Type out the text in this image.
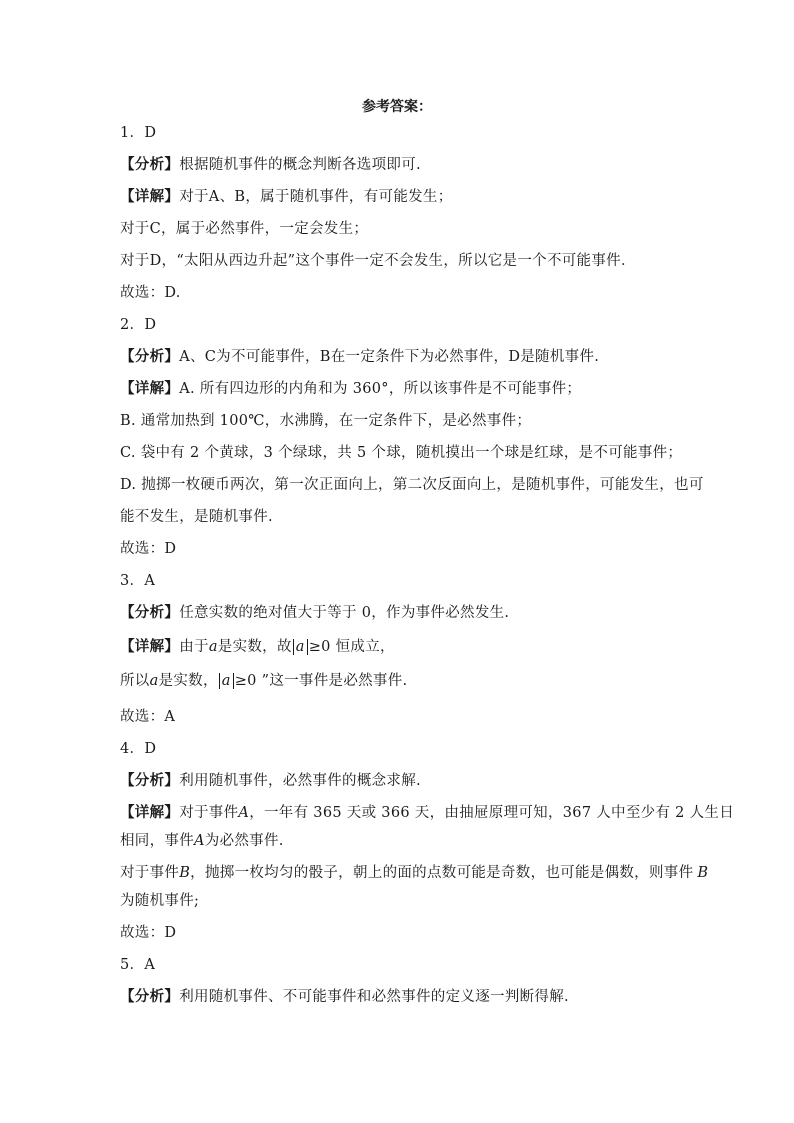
参考答案：
1．D
【分析】根据随机事件的概念判断各选项即可.
【详解】对于A、B，属于随机事件，有可能发生；
对于C，属于必然事件，一定会发生；
对于D，“太阳从西边升起”这个事件一定不会发生，所以它是一个不可能事件．
故选：D.
2．D
【分析】A、C为不可能事件，B在一定条件下为必然事件，D是随机事件.
【详解】A. 所有四边形的内角和为 360°，所以该事件是不可能事件；
B. 通常加热到 100℃，水沸腾，在一定条件下，是必然事件；
C. 袋中有 2 个黄球，3 个绿球，共 5 个球，随机摸出一个球是红球，是不可能事件；
D. 抛掷一枚硬币两次，第一次正面向上，第二次反面向上，是随机事件，可能发生，也可
能不发生，是随机事件.
故选：D
3．A
【分析】任意实数的绝对值大于等于 0，作为事件必然发生.
【详解】由于a是实数，故 a ≥0 恒成立，
所以a是实数， a ≥0 ”这一事件是必然事件.
故选：A
4．D
【分析】利用随机事件，必然事件的概念求解.
【详解】对于事件A，一年有 365 天或 366 天，由抽屉原理可知，367 人中至少有 2 人生日
相同，事件A为必然事件.
对于事件B，抛掷一枚均匀的骰子，朝上的面的点数可能是奇数，也可能是偶数，则事件 B
为随机事件;
故选：D
5．A
【分析】利用随机事件、不可能事件和必然事件的定义逐一判断得解.
